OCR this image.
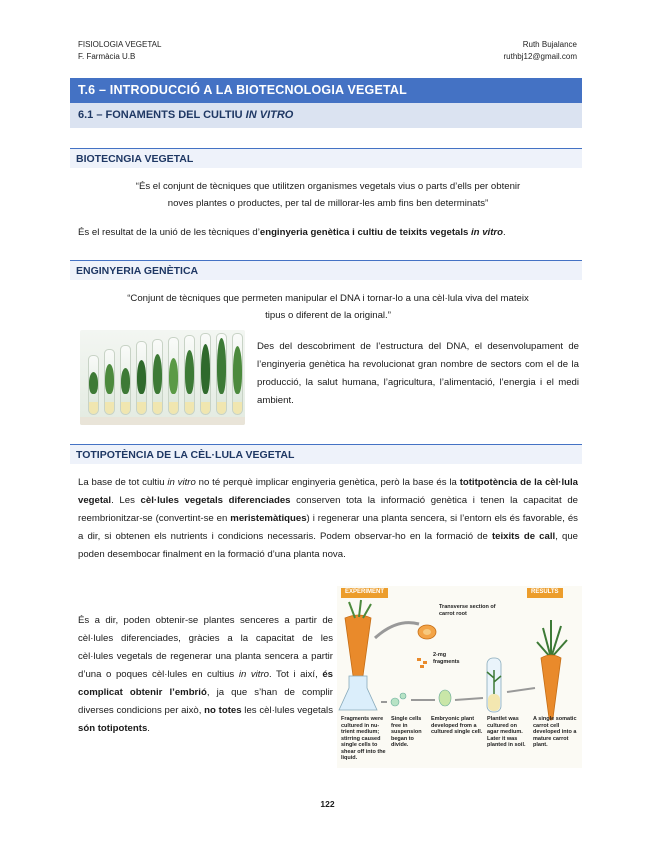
FISIOLOGIA VEGETAL
F. Farmàcia U.B
Ruth Bujalance
ruthbj12@gmail.com
T.6 – INTRODUCCIÓ A LA BIOTECNOLOGIA VEGETAL
6.1 – FONAMENTS DEL CULTIU IN VITRO
BIOTECNGIA VEGETAL
“És el conjunt de tècniques que utilitzen organismes vegetals vius o parts d’ells per obtenir
noves plantes o productes, per tal de millorar-les amb fins ben determinats”
És el resultat de la unió de les tècniques d’enginyeria genètica i cultiu de teixits vegetals in vitro.
ENGINYERIA GENÈTICA
“Conjunt de tècniques que permeten manipular el DNA i tornar-lo a una cèl·lula viva del mateix
tipus o diferent de la original.”
Des del descobriment de l’estructura del DNA, el desenvolupament de l’enginyeria genètica ha revolucionat gran nombre de sectors com el de la producció, la salut humana, l’agricultura, l’alimentació, l’energia i el medi ambient.
TOTIPOTÈNCIA DE LA CÈL·LULA VEGETAL
La base de tot cultiu in vitro no té perquè implicar enginyeria genètica, però la base és la totitpotència de la cèl·lula vegetal. Les cèl·lules vegetals diferenciades conserven tota la informació genètica i tenen la capacitat de reembrionitzar-se (convertint-se en meristemàtiques) i regenerar una planta sencera, si l’entorn els és favorable, és a dir, si obtenen els nutrients i condicions necessaris. Podem observar-ho en la formació de teixits de call, que poden desembocar finalment en la formació d’una planta nova.
És a dir, poden obtenir-se plantes senceres a partir de cèl·lules diferenciades, gràcies a la capacitat de les cèl·lules vegetals de regenerar una planta sencera a partir d’una o poques cèl·lules en cultius in vitro. Tot i així, és complicat obtenir l’embrió, ja que s’han de complir diverses condicions per això, no totes les cèl·lules vegetals són totipotents.
EXPERIMENT	RESULTS
Transverse section of carrot root
2-mg fragments
Fragments were cultured in nu- trient medium; stirring caused single cells to shear off into the liquid.
Single cells free in suspension began to divide.
Embryonic plant developed from a cultured single cell.
Plantlet was cultured on agar medium. Later it was planted in soil.
A single somatic carrot cell developed into a mature carrot plant.
122
